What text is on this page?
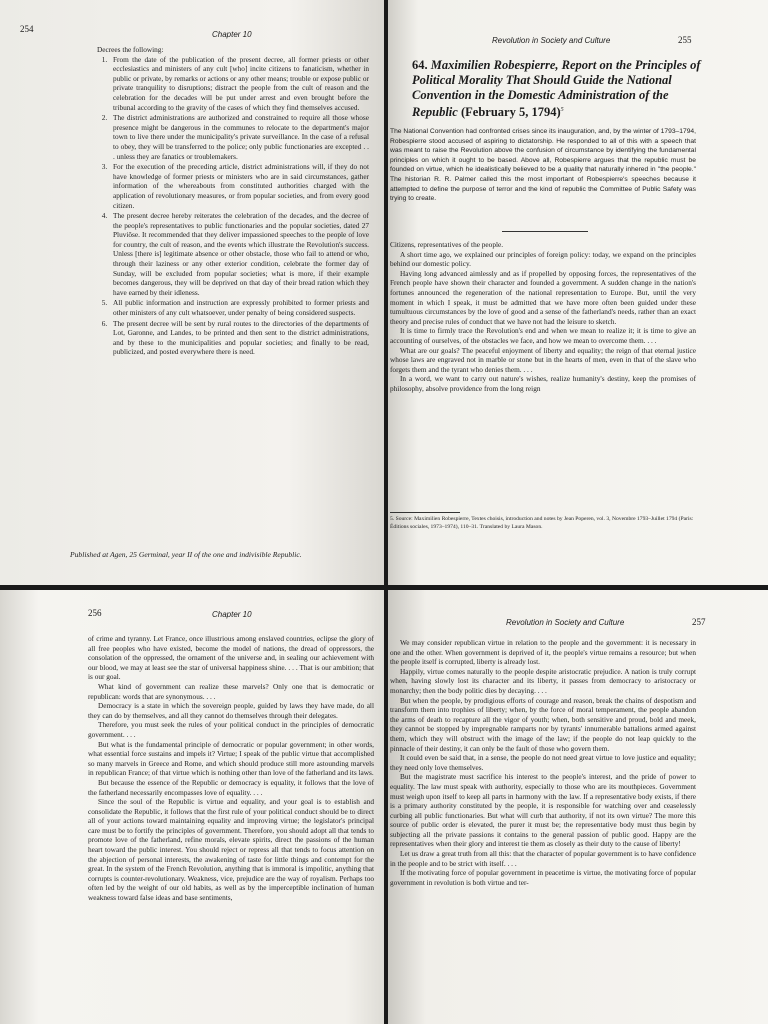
254
Chapter 10

Decrees the following:

1. From the date of the publication of the present decree, all former priests or other ecclesiastics and ministers of any cult [who] incite citizens to fanaticism, whether in public or private, by remarks or actions or any other means; trouble or expose public or private tranquility to disruptions; distract the people from the cult of reason and the celebration for the decades will be put under arrest and even brought before the tribunal according to the gravity of the cases of which they find themselves accused.
2. The district administrations are authorized and constrained to require all those whose presence might be dangerous in the communes to relocate to the department's major town to live there under the municipality's private surveillance. In the case of a refusal to obey, they will be transferred to the police; only public functionaries are excepted . . . unless they are fanatics or troublemakers.
3. For the execution of the preceding article, district administrations will, if they do not have knowledge of former priests or ministers who are in said circumstances, gather information of the whereabouts from constituted authorities charged with the application of revolutionary measures, or from popular societies, and from every good citizen.
4. The present decree hereby reiterates the celebration of the decades, and the decree of the people's representatives to public functionaries and the popular societies, dated 27 Pluviôse. It recommended that they deliver impassioned speeches to the people of love for country, the cult of reason, and the events which illustrate the Revolution's success. Unless [there is] legitimate absence or other obstacle, those who fail to attend or who, through their laziness or any other exterior condition, celebrate the former day of Sunday, will be excluded from popular societies; what is more, if their example becomes dangerous, they will be deprived on that day of their bread ration which they have earned by their idleness.
5. All public information and instruction are expressly prohibited to former priests and other ministers of any cult whatsoever, under penalty of being considered suspects.
6. The present decree will be sent by rural routes to the directories of the departments of Lot, Garonne, and Landes, to be printed and then sent to the district administrations, and by these to the municipalities and popular societies; and finally to be read, publicized, and posted everywhere there is need.
Published at Agen, 25 Germinal, year II of the one and indivisible Republic.
Revolution in Society and Culture	255
64. Maximilien Robespierre, Report on the Principles of Political Morality That Should Guide the National Convention in the Domestic Administration of the Republic (February 5, 1794)$^5$

The National Convention had confronted crises since its inauguration, and, by the winter of 1793–1794, Robespierre stood accused of aspiring to dictatorship. He responded to all of this with a speech that was meant to raise the Revolution above the confusion of circumstance by identifying the fundamental principles on which it ought to be based. Above all, Robespierre argues that the republic must be founded on virtue, which he idealistically believed to be a quality that naturally inhered in "the people." The historian R. R. Palmer called this the most important of Robespierre's speeches because it attempted to define the purpose of terror and the kind of republic the Committee of Public Safety was trying to create.

Citizens, representatives of the people.

A short time ago, we explained our principles of foreign policy: today, we expand on the principles behind our domestic policy.

Having long advanced aimlessly and as if propelled by opposing forces, the representatives of the French people have shown their character and founded a government. A sudden change in the nation's fortunes announced the regeneration of the national representation to Europe. But, until the very moment in which I speak, it must be admitted that we have more often been guided under these tumultuous circumstances by the love of good and a sense of the fatherland's needs, rather than an exact theory and precise rules of conduct that we have not had the leisure to sketch.

It is time to firmly trace the Revolution's end and when we mean to realize it; it is time to give an accounting of ourselves, of the obstacles we face, and how we mean to overcome them. . . .

What are our goals? The peaceful enjoyment of liberty and equality; the reign of that eternal justice whose laws are engraved not in marble or stone but in the hearts of men, even in that of the slave who forgets them and the tyrant who denies them. . . .

In a word, we want to carry out nature's wishes, realize humanity's destiny, keep the promises of philosophy, absolve providence from the long reign

5. Source: Maximilien Robespierre, Textes choisis, introduction and notes by Jean Poperen, vol. 3, Novembre 1793–Juillet 1794 (Paris: Éditions sociales, 1973–1974), 110–31. Translated by Laura Mason.
256	Chapter 10

of crime and tyranny. Let France, once illustrious among enslaved countries, eclipse the glory of all free peoples who have existed, become the model of nations, the dread of oppressors, the consolation of the oppressed, the ornament of the universe and, in sealing our achievement with our blood, we may at least see the star of universal happiness shine. . . . That is our ambition; that is our goal.

What kind of government can realize these marvels? Only one that is democratic or republican: words that are synonymous. . . .

Democracy is a state in which the sovereign people, guided by laws they have made, do all they can do by themselves, and all they cannot do themselves through their delegates.

Therefore, you must seek the rules of your political conduct in the principles of democratic government. . . .

But what is the fundamental principle of democratic or popular government; in other words, what essential force sustains and impels it? Virtue; I speak of the public virtue that accomplished so many marvels in Greece and Rome, and which should produce still more astounding marvels in republican France; of that virtue which is nothing other than love of the fatherland and its laws.

But because the essence of the Republic or democracy is equality, it follows that the love of the fatherland necessarily encompasses love of equality. . . .

Since the soul of the Republic is virtue and equality, and your goal is to establish and consolidate the Republic, it follows that the first rule of your political conduct should be to direct all of your actions toward maintaining equality and improving virtue; the legislator's principal care must be to fortify the principles of government. Therefore, you should adopt all that tends to promote love of the fatherland, refine morals, elevate spirits, direct the passions of the human heart toward the public interest. You should reject or repress all that tends to focus attention on the abjection of personal interests, the awakening of taste for little things and contempt for the great. In the system of the French Revolution, anything that is immoral is impolitic, anything that corrupts is counter-revolutionary. Weakness, vice, prejudice are the way of royalism. Perhaps too often led by the weight of our old habits, as well as by the imperceptible inclination of human weakness toward false ideas and base sentiments,

Revolution in Society and Culture	257

We may consider republican virtue in relation to the people and the government: it is necessary in one and the other. When government is deprived of it, the people's virtue remains a resource; but when the people itself is corrupted, liberty is already lost.

Happily, virtue comes naturally to the people despite aristocratic prejudice. A nation is truly corrupt when, having slowly lost its character and its liberty, it passes from democracy to aristocracy or monarchy; then the body politic dies by decaying. . . .

But when the people, by prodigious efforts of courage and reason, break the chains of despotism and transform them into trophies of liberty; when, by the force of moral temperament, the people abandon the arms of death to recapture all the vigor of youth; when, both sensitive and proud, bold and meek, they cannot be stopped by impregnable ramparts nor by tyrants' innumerable battalions armed against them, which they will obstruct with the image of the law; if the people do not leap quickly to the pinnacle of their destiny, it can only be the fault of those who govern them.

It could even be said that, in a sense, the people do not need great virtue to love justice and equality; they need only love themselves.

But the magistrate must sacrifice his interest to the people's interest, and the pride of power to equality. The law must speak with authority, especially to those who are its mouthpieces. Government must weigh upon itself to keep all parts in harmony with the law. If a representative body exists, if there is a primary authority constituted by the people, it is responsible for watching over and ceaselessly curbing all public functionaries. But what will curb that authority, if not its own virtue? The more this source of public order is elevated, the purer it must be; the representative body must thus begin by subjecting all the private passions it contains to the general passion of public good. Happy are the representatives when their glory and interest tie them as closely as their duty to the cause of liberty!

Let us draw a great truth from all this: that the character of popular government is to have confidence in the people and to be strict with itself. . . .

If the motivating force of popular government in peacetime is virtue, the motivating force of popular government in revolution is both virtue and ter-
